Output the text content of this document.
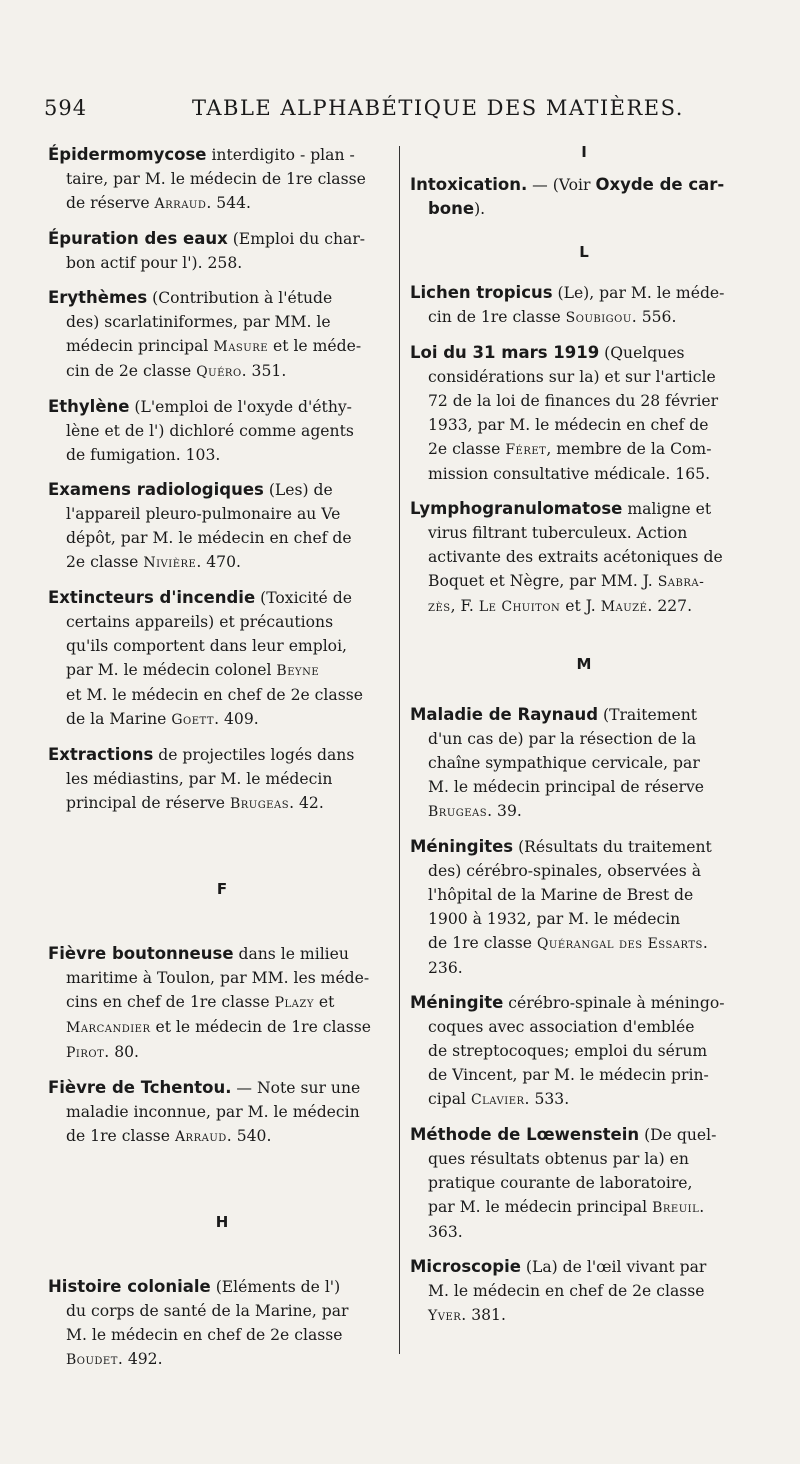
594	TABLE ALPHABÉTIQUE DES MATIÈRES.

Épidermomycose interdigito - plan -
taire, par M. le médecin de 1re classe
de réserve Arraud. 544.

Épuration des eaux (Emploi du char-
bon actif pour l'). 258.

Erythèmes (Contribution à l'étude
des) scarlatiniformes, par MM. le
médecin principal Masure et le méde-
cin de 2e classe Quéro. 351.

Ethylène (L'emploi de l'oxyde d'éthy-
lène et de l') dichloré comme agents
de fumigation. 103.

Examens radiologiques (Les) de
l'appareil pleuro-pulmonaire au Ve
dépôt, par M. le médecin en chef de
2e classe Nivière. 470.

Extincteurs d'incendie (Toxicité de
certains appareils) et précautions
qu'ils comportent dans leur emploi,
par M. le médecin colonel Beyne
et M. le médecin en chef de 2e classe
de la Marine Goett. 409.

Extractions de projectiles logés dans
les médiastins, par M. le médecin
principal de réserve Brugeas. 42.

F

Fièvre boutonneuse dans le milieu
maritime à Toulon, par MM. les méde-
cins en chef de 1re classe Plazy et
Marcandier et le médecin de 1re classe
Pirot. 80.

Fièvre de Tchentou. — Note sur une
maladie inconnue, par M. le médecin
de 1re classe Arraud. 540.

H

Histoire coloniale (Eléments de l')
du corps de santé de la Marine, par
M. le médecin en chef de 2e classe
Boudet. 492.

I

Intoxication. — (Voir Oxyde de car-
bone).

L

Lichen tropicus (Le), par M. le méde-
cin de 1re classe Soubigou. 556.

Loi du 31 mars 1919 (Quelques
considérations sur la) et sur l'article
72 de la loi de finances du 28 février
1933, par M. le médecin en chef de
2e classe Féret, membre de la Com-
mission consultative médicale. 165.

Lymphogranulomatose maligne et
virus filtrant tuberculeux. Action
activante des extraits acétoniques de
Boquet et Nègre, par MM. J. Sabra-
zès, F. Le Chuiton et J. Mauzé. 227.

M

Maladie de Raynaud (Traitement
d'un cas de) par la résection de la
chaîne sympathique cervicale, par
M. le médecin principal de réserve
Brugeas. 39.

Méningites (Résultats du traitement
des) cérébro-spinales, observées à
l'hôpital de la Marine de Brest de
1900 à 1932, par M. le médecin
de 1re classe Quérangal des Essarts.
236.

Méningite cérébro-spinale à méningo-
coques avec association d'emblée
de streptocoques; emploi du sérum
de Vincent, par M. le médecin prin-
cipal Clavier. 533.

Méthode de Lœwenstein (De quel-
ques résultats obtenus par la) en
pratique courante de laboratoire,
par M. le médecin principal Breuil.
363.

Microscopie (La) de l'œil vivant par
M. le médecin en chef de 2e classe
Yver. 381.
